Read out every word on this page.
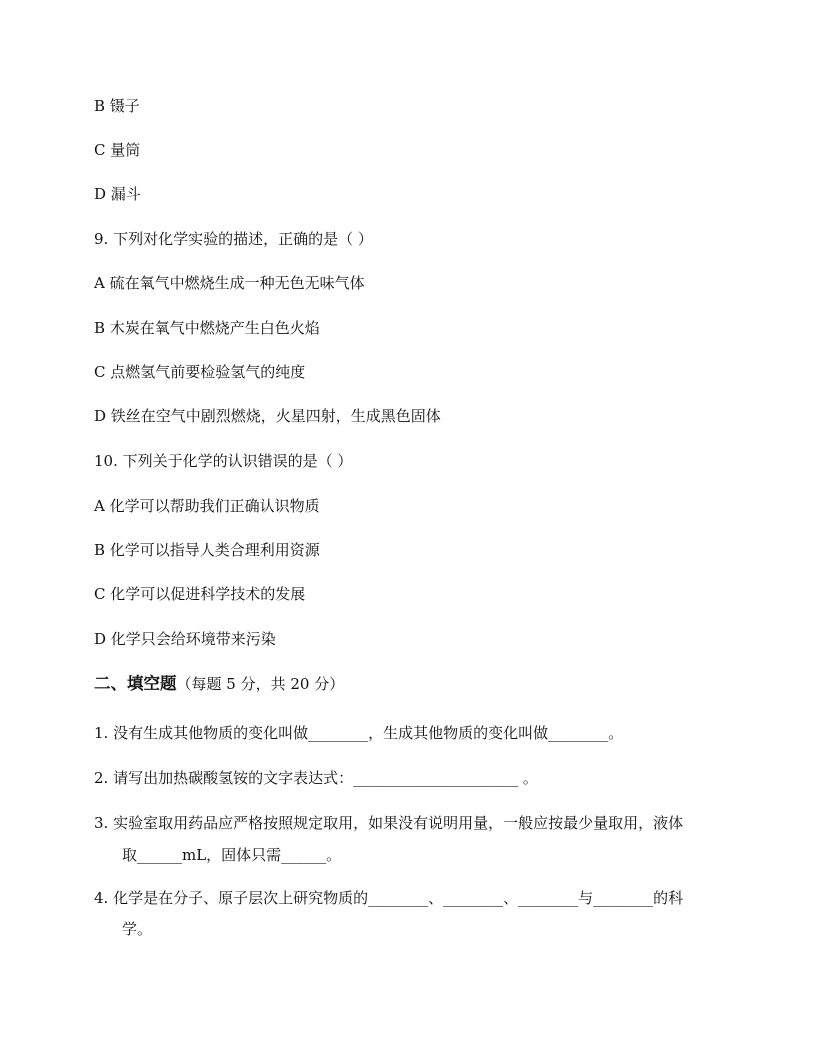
B 镊子
C 量筒
D 漏斗
9. 下列对化学实验的描述，正确的是（ ）
A 硫在氧气中燃烧生成一种无色无味气体
B 木炭在氧气中燃烧产生白色火焰
C 点燃氢气前要检验氢气的纯度
D 铁丝在空气中剧烈燃烧，火星四射，生成黑色固体
10. 下列关于化学的认识错误的是（ ）
A 化学可以帮助我们正确认识物质
B 化学可以指导人类合理利用资源
C 化学可以促进科学技术的发展
D 化学只会给环境带来污染
二、填空题（每题 5 分，共 20 分）
1. 没有生成其他物质的变化叫做________，生成其他物质的变化叫做________。
2. 请写出加热碳酸氢铵的文字表达式：______________________ 。
3. 实验室取用药品应严格按照规定取用，如果没有说明用量，一般应按最少量取用，液体
取______mL，固体只需______。
4. 化学是在分子、原子层次上研究物质的________、________、________与________的科
学。
